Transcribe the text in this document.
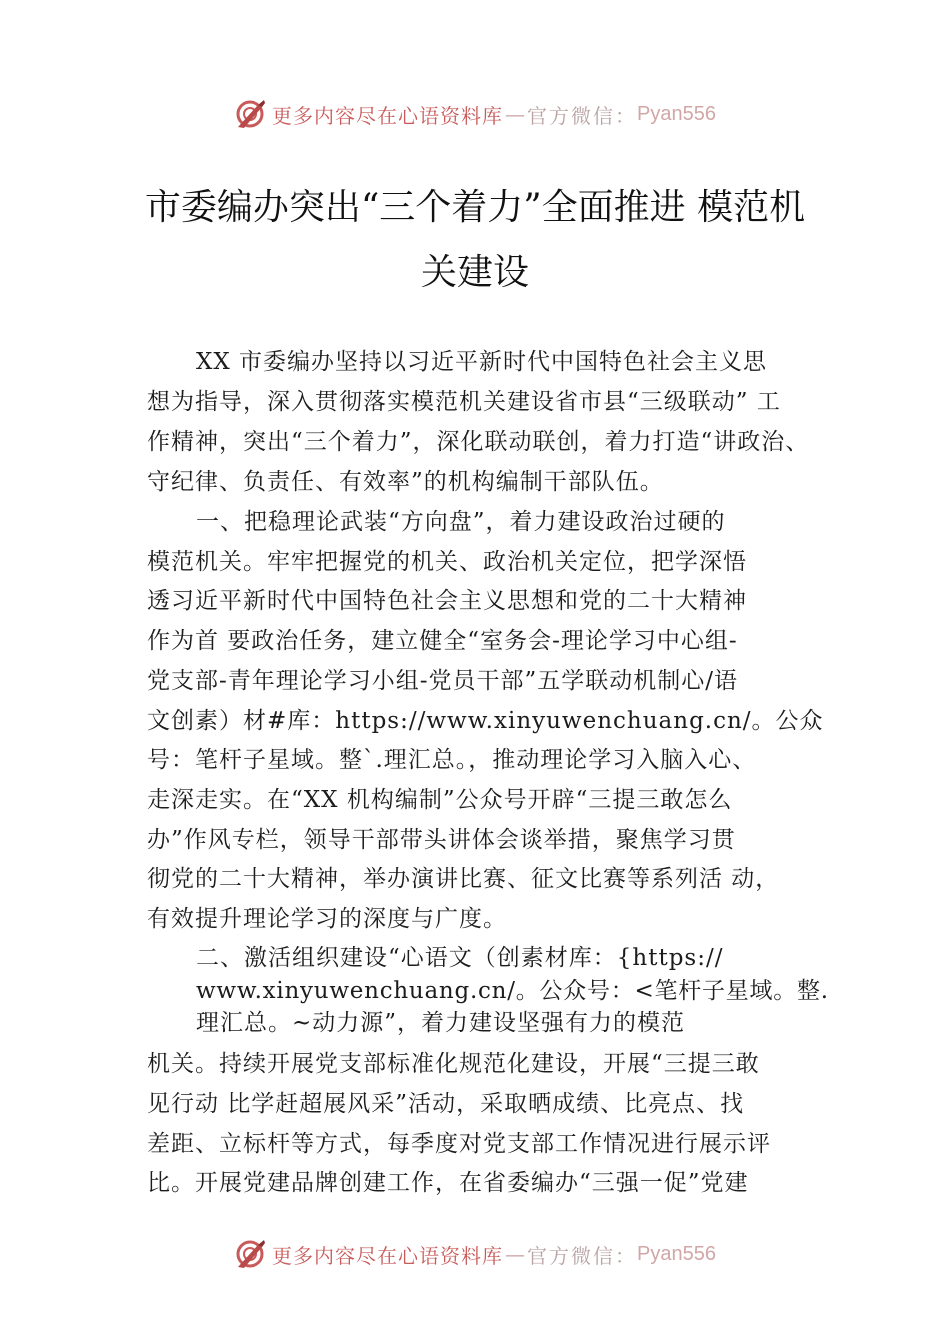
更多内容尽在心语资料库 — 官方微信： Pyan556
市委编办突出“三个着力”全面推进 模范机
关建设
XX 市委编办坚持以习近平新时代中国特色社会主义思
想为指导，深入贯彻落实模范机关建设省市县“三级联动” 工
作精神，突出“三个着力”，深化联动联创，着力打造“讲政治、
守纪律、负责任、有效率”的机构编制干部队伍。
一、把稳理论武装“方向盘”，着力建设政治过硬的
模范机关。牢牢把握党的机关、政治机关定位，把学深悟
透习近平新时代中国特色社会主义思想和党的二十大精神
作为首 要政治任务，建立健全“室务会-理论学习中心组-
党支部-青年理论学习小组-党员干部”五学联动机制心/语
文创素）材#库：https://www.xinyuwenchuang.cn/。公众
号：笔杆子星域。整`.理汇总。，推动理论学习入脑入心、
走深走实。在“XX 机构编制”公众号开辟“三提三敢怎么
办”作风专栏，领导干部带头讲体会谈举措，聚焦学习贯
彻党的二十大精神，举办演讲比赛、征文比赛等系列活 动，
有效提升理论学习的深度与广度。
二、激活组织建设“心语文（创素材库：{https://
www.xinyuwenchuang.cn/。公众号：<笔杆子星域。整.
理汇总。~动力源”，着力建设坚强有力的模范
机关。持续开展党支部标准化规范化建设，开展“三提三敢
见行动 比学赶超展风采”活动，采取晒成绩、比亮点、找
差距、立标杆等方式，每季度对党支部工作情况进行展示评
比。开展党建品牌创建工作，在省委编办“三强一促”党建
更多内容尽在心语资料库 — 官方微信： Pyan556
